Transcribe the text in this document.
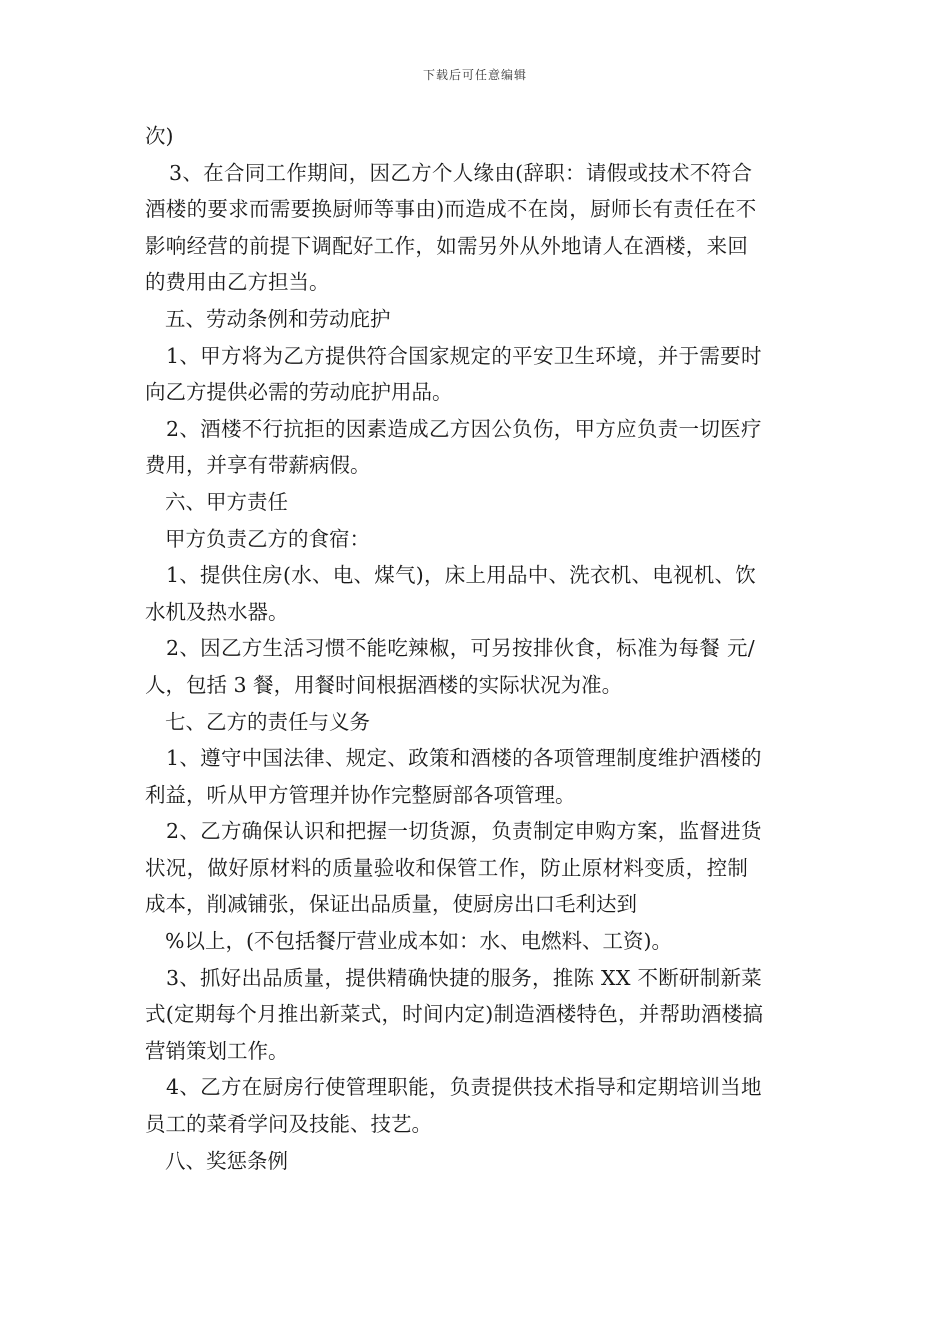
下载后可任意编辑
次)
3、在合同工作期间，因乙方个人缘由(辞职：请假或技术不符合
酒楼的要求而需要换厨师等事由)而造成不在岗，厨师长有责任在不
影响经营的前提下调配好工作，如需另外从外地请人在酒楼，来回
的费用由乙方担当。
五、劳动条例和劳动庇护
1、甲方将为乙方提供符合国家规定的平安卫生环境，并于需要时
向乙方提供必需的劳动庇护用品。
2、酒楼不行抗拒的因素造成乙方因公负伤，甲方应负责一切医疗
费用，并享有带薪病假。
六、甲方责任
甲方负责乙方的食宿：
1、提供住房(水、电、煤气)，床上用品中、洗衣机、电视机、饮
水机及热水器。
2、因乙方生活习惯不能吃辣椒，可另按排伙食，标准为每餐 元/
人，包括 3 餐，用餐时间根据酒楼的实际状况为准。
七、乙方的责任与义务
1、遵守中国法律、规定、政策和酒楼的各项管理制度维护酒楼的
利益，听从甲方管理并协作完整厨部各项管理。
2、乙方确保认识和把握一切货源，负责制定申购方案，监督进货
状况，做好原材料的质量验收和保管工作，防止原材料变质，控制
成本，削减铺张，保证出品质量，使厨房出口毛利达到
%以上，(不包括餐厅营业成本如：水、电燃料、工资)。
3、抓好出品质量，提供精确快捷的服务，推陈 XX 不断研制新菜
式(定期每个月推出新菜式，时间内定)制造酒楼特色，并帮助酒楼搞
营销策划工作。
4、乙方在厨房行使管理职能，负责提供技术指导和定期培训当地
员工的菜肴学问及技能、技艺。
八、奖惩条例
